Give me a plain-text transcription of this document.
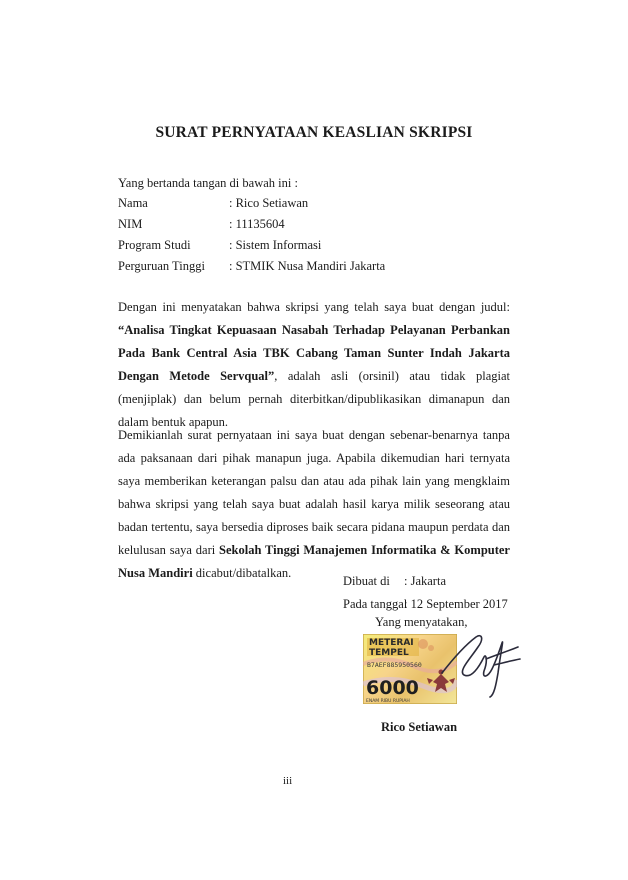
SURAT PERNYATAAN KEASLIAN SKRIPSI
Yang bertanda tangan di bawah ini :
Nama	: Rico Setiawan
NIM	: 11135604
Program Studi	: Sistem Informasi
Perguruan Tinggi : STMIK Nusa Mandiri Jakarta
Dengan ini menyatakan bahwa skripsi yang telah saya buat dengan judul: “Analisa Tingkat Kepuasaan Nasabah Terhadap Pelayanan Perbankan Pada Bank Central Asia TBK Cabang Taman Sunter Indah Jakarta Dengan Metode Servqual”, adalah asli (orsinil) atau tidak plagiat (menjiplak) dan belum pernah diterbitkan/dipublikasikan dimanapun dan dalam bentuk apapun.
Demikianlah surat pernyataan ini saya buat dengan sebenar-benarnya tanpa ada paksanaan dari pihak manapun juga. Apabila dikemudian hari ternyata saya memberikan keterangan palsu dan atau ada pihak lain yang mengklaim bahwa skripsi yang telah saya buat adalah hasil karya milik seseorang atau badan tertentu, saya bersedia diproses baik secara pidana maupun perdata dan kelulusan saya dari Sekolah Tinggi Manajemen Informatika & Komputer Nusa Mandiri dicabut/dibatalkan.
Dibuat di : Jakarta
Pada tanggal: 12 September 2017
Yang menyatakan,
METERAI
TEMPEL
B7AEF885950560
6000
ENAM RIBU RUPIAH
Rico Setiawan
iii
